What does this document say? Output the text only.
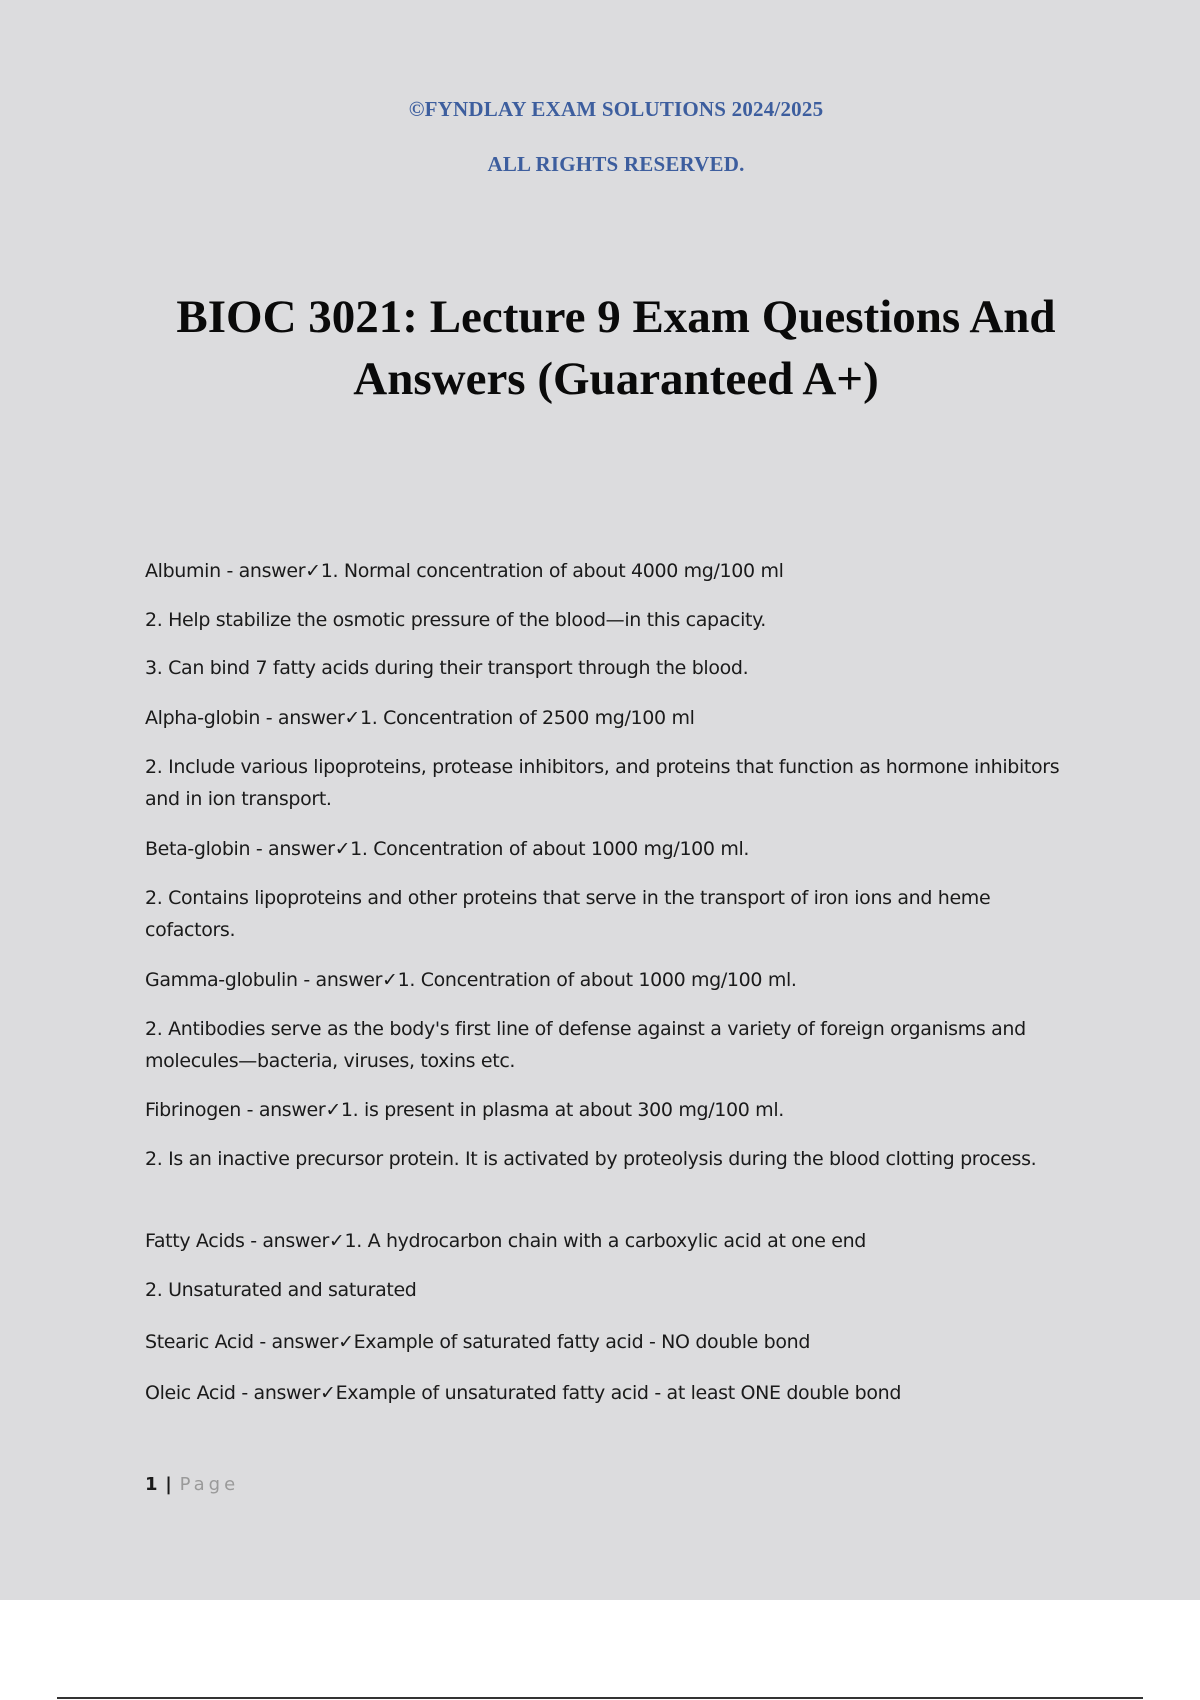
©FYNDLAY EXAM SOLUTIONS 2024/2025
ALL RIGHTS RESERVED.
BIOC 3021: Lecture 9 Exam Questions And Answers (Guaranteed A+)

Albumin - answer✓1. Normal concentration of about 4000 mg/100 ml

2. Help stabilize the osmotic pressure of the blood—in this capacity.

3. Can bind 7 fatty acids during their transport through the blood.

Alpha-globin - answer✓1. Concentration of 2500 mg/100 ml

2. Include various lipoproteins, protease inhibitors, and proteins that function as hormone inhibitors and in ion transport.

Beta-globin - answer✓1. Concentration of about 1000 mg/100 ml.

2. Contains lipoproteins and other proteins that serve in the transport of iron ions and heme cofactors.

Gamma-globulin - answer✓1. Concentration of about 1000 mg/100 ml.

2. Antibodies serve as the body's first line of defense against a variety of foreign organisms and molecules—bacteria, viruses, toxins etc.

Fibrinogen - answer✓1. is present in plasma at about 300 mg/100 ml.

2. Is an inactive precursor protein. It is activated by proteolysis during the blood clotting process.

Fatty Acids - answer✓1. A hydrocarbon chain with a carboxylic acid at one end

2. Unsaturated and saturated

Stearic Acid - answer✓Example of saturated fatty acid - NO double bond

Oleic Acid - answer✓Example of unsaturated fatty acid - at least ONE double bond

1 | Page
